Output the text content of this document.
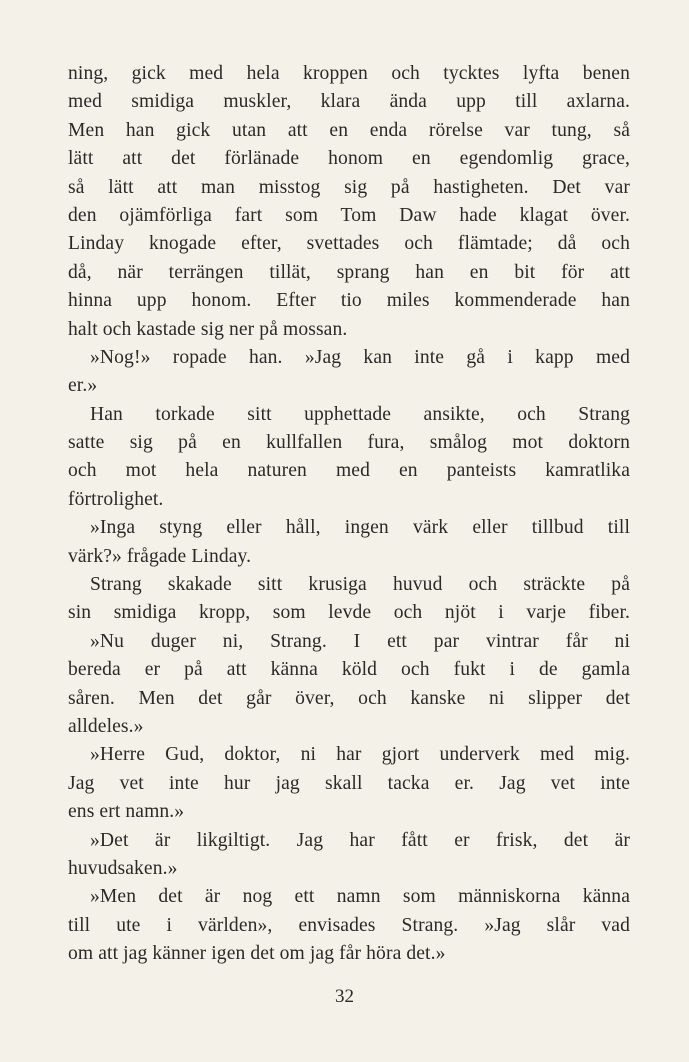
ning, gick med hela kroppen och tycktes lyfta benen
med smidiga muskler, klara ända upp till axlarna.
Men han gick utan att en enda rörelse var tung, så
lätt att det förlänade honom en egendomlig grace,
så lätt att man misstog sig på hastigheten. Det var
den ojämförliga fart som Tom Daw hade klagat över.
Linday knogade efter, svettades och flämtade; då och
då, när terrängen tillät, sprang han en bit för att
hinna upp honom. Efter tio miles kommenderade han
halt och kastade sig ner på mossan.
»Nog!» ropade han. »Jag kan inte gå i kapp med
er.»
Han torkade sitt upphettade ansikte, och Strang
satte sig på en kullfallen fura, smålog mot doktorn
och mot hela naturen med en panteists kamratlika
förtrolighet.
»Inga styng eller håll, ingen värk eller tillbud till
värk?» frågade Linday.
Strang skakade sitt krusiga huvud och sträckte på
sin smidiga kropp, som levde och njöt i varje fiber.
»Nu duger ni, Strang. I ett par vintrar får ni
bereda er på att känna köld och fukt i de gamla
såren. Men det går över, och kanske ni slipper det
alldeles.»
»Herre Gud, doktor, ni har gjort underverk med mig.
Jag vet inte hur jag skall tacka er. Jag vet inte
ens ert namn.»
»Det är likgiltigt. Jag har fått er frisk, det är
huvudsaken.»
»Men det är nog ett namn som människorna känna
till ute i världen», envisades Strang. »Jag slår vad
om att jag känner igen det om jag får höra det.»
32
